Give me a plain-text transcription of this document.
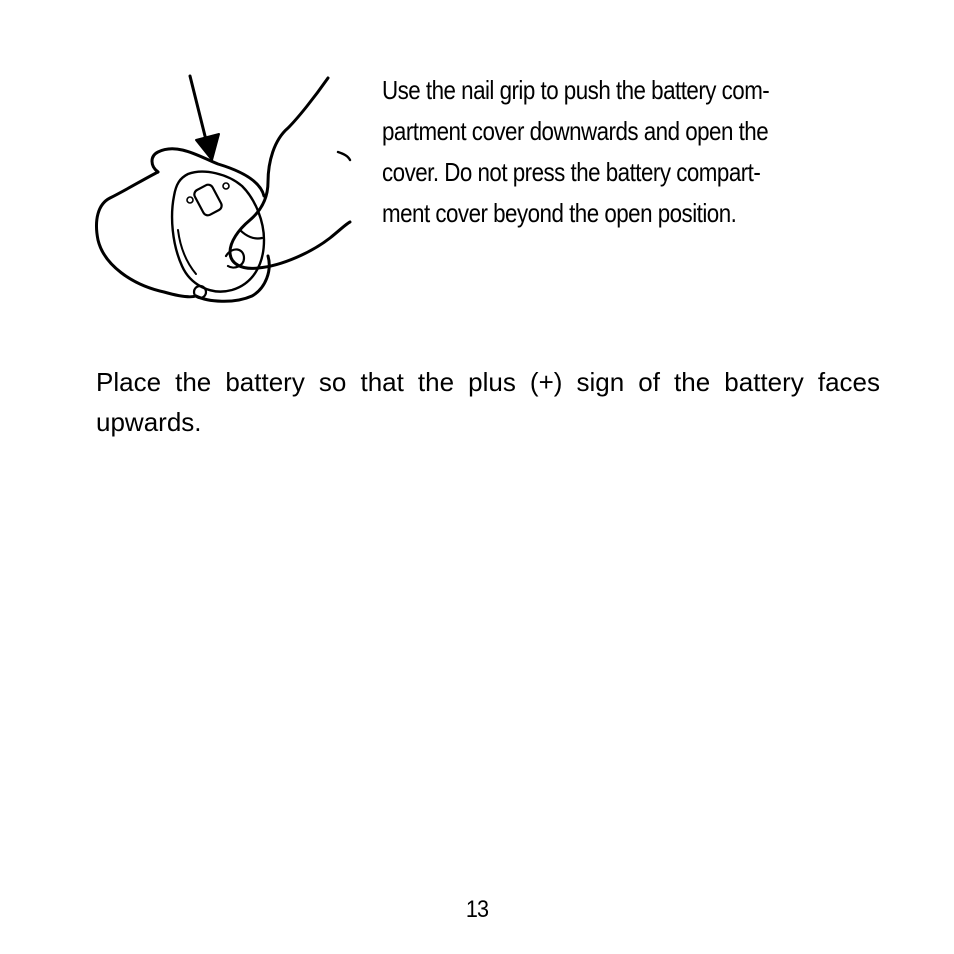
Use the nail grip to push the battery com-
partment cover downwards and open the
cover. Do not press the battery compart-
ment cover beyond the open position.

Place the battery so that the plus (+) sign of the battery faces upwards.

13
